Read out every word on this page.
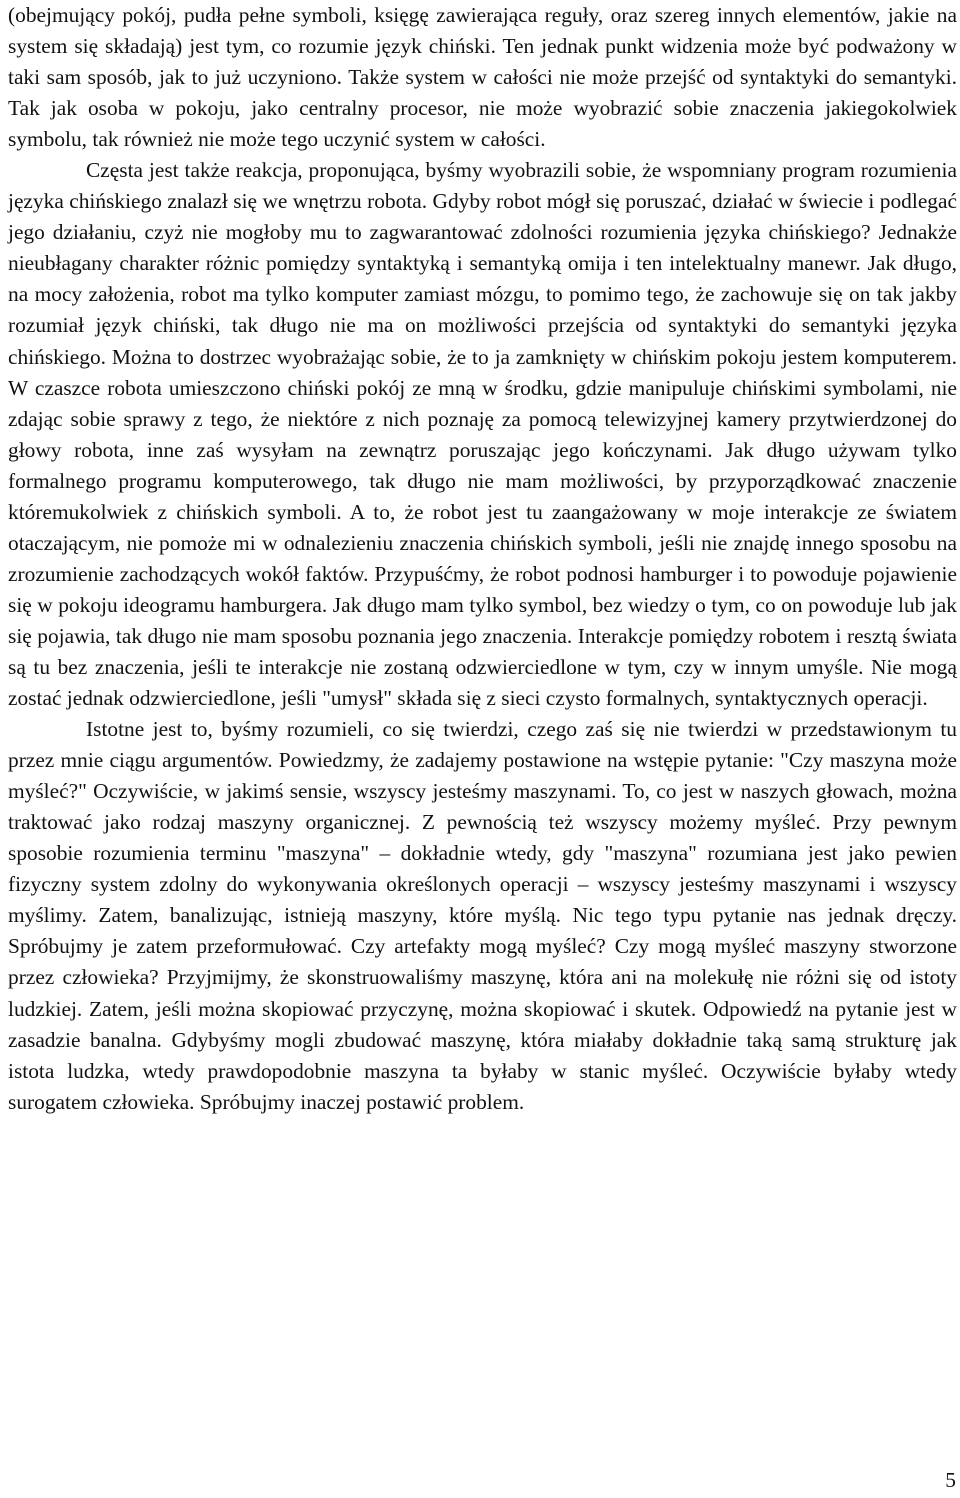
(obejmujący pokój, pudła pełne symboli, księgę zawierająca reguły, oraz szereg innych elementów, jakie na system się składają) jest tym, co rozumie język chiński. Ten jednak punkt widzenia może być podważony w taki sam sposób, jak to już uczyniono. Także system w całości nie może przejść od syntaktyki do semantyki. Tak jak osoba w pokoju, jako centralny procesor, nie może wyobrazić sobie znaczenia jakiegokolwiek symbolu, tak również nie może tego uczynić system w całości.

Częsta jest także reakcja, proponująca, byśmy wyobrazili sobie, że wspomniany program rozumienia języka chińskiego znalazł się we wnętrzu robota. Gdyby robot mógł się poruszać, działać w świecie i podlegać jego działaniu, czyż nie mogłoby mu to zagwarantować zdolności rozumienia języka chińskiego? Jednakże nieubłagany charakter różnic pomiędzy syntaktyką i semantyką omija i ten intelektualny manewr. Jak długo, na mocy założenia, robot ma tylko komputer zamiast mózgu, to pomimo tego, że zachowuje się on tak jakby rozumiał język chiński, tak długo nie ma on możliwości przejścia od syntaktyki do semantyki języka chińskiego. Można to dostrzec wyobrażając sobie, że to ja zamknięty w chińskim pokoju jestem komputerem. W czaszce robota umieszczono chiński pokój ze mną w środku, gdzie manipuluje chińskimi symbolami, nie zdając sobie sprawy z tego, że niektóre z nich poznaję za pomocą telewizyjnej kamery przytwierdzonej do głowy robota, inne zaś wysyłam na zewnątrz poruszając jego kończynami. Jak długo używam tylko formalnego programu komputerowego, tak długo nie mam możliwości, by przyporządkować znaczenie któremukolwiek z chińskich symboli. A to, że robot jest tu zaangażowany w moje interakcje ze światem otaczającym, nie pomoże mi w odnalezieniu znaczenia chińskich symboli, jeśli nie znajdę innego sposobu na zrozumienie zachodzących wokół faktów. Przypuśćmy, że robot podnosi hamburger i to powoduje pojawienie się w pokoju ideogramu hamburgera. Jak długo mam tylko symbol, bez wiedzy o tym, co on powoduje lub jak się pojawia, tak długo nie mam sposobu poznania jego znaczenia. Interakcje pomiędzy robotem i resztą świata są tu bez znaczenia, jeśli te interakcje nie zostaną odzwierciedlone w tym, czy w innym umyśle. Nie mogą zostać jednak odzwierciedlone, jeśli "umysł" składa się z sieci czysto formalnych, syntaktycznych operacji.

Istotne jest to, byśmy rozumieli, co się twierdzi, czego zaś się nie twierdzi w przedstawionym tu przez mnie ciągu argumentów. Powiedzmy, że zadajemy postawione na wstępie pytanie: "Czy maszyna może myśleć?" Oczywiście, w jakimś sensie, wszyscy jesteśmy maszynami. To, co jest w naszych głowach, można traktować jako rodzaj maszyny organicznej. Z pewnością też wszyscy możemy myśleć. Przy pewnym sposobie rozumienia terminu "maszyna" – dokładnie wtedy, gdy "maszyna" rozumiana jest jako pewien fizyczny system zdolny do wykonywania określonych operacji – wszyscy jesteśmy maszynami i wszyscy myślimy. Zatem, banalizując, istnieją maszyny, które myślą. Nic tego typu pytanie nas jednak dręczy. Spróbujmy je zatem przeformułować. Czy artefakty mogą myśleć? Czy mogą myśleć maszyny stworzone przez człowieka? Przyjmijmy, że skonstruowaliśmy maszynę, która ani na molekułę nie różni się od istoty ludzkiej. Zatem, jeśli można skopiować przyczynę, można skopiować i skutek. Odpowiedź na pytanie jest w zasadzie banalna. Gdybyśmy mogli zbudować maszynę, która miałaby dokładnie taką samą strukturę jak istota ludzka, wtedy prawdopodobnie maszyna ta byłaby w stanic myśleć. Oczywiście byłaby wtedy surogatem człowieka. Spróbujmy inaczej postawić problem.

5
